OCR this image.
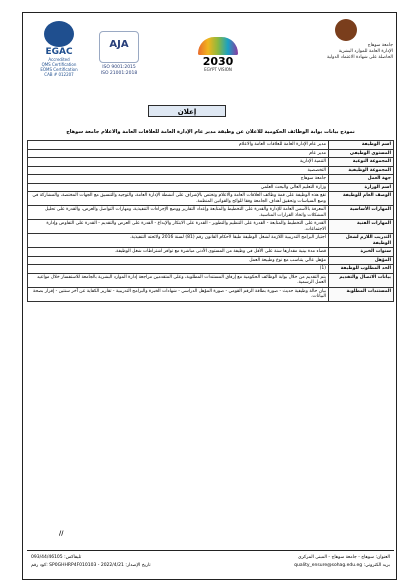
EGAC
Accredited
QMS Certification
EOMS Certification
CAB # 012207
AJA
ISO 9001:2015
ISO 21001:2018
2030
EGYPT VISION
جامعة سوهاج
الإدارة العامة للموارد البشرية
الحاصلة على شهادة الاعتماد الدولية
إعلان
نموذج بيانات بوابة الوظائف الحكومية للاعلان عن وظيفة مدير عام الإدارة العامة للعلاقات العامة والاعلام جامعة سوهاج
اسم الوظيفة	مدير عام الإدارة العامة للعلاقات العامة والاعلام
المستوى الوظيفي	مدير عام
المجموعة النوعية	التنمية الإدارية
المجموعة الوظيفية	التخصصية
جهة العمل	جامعة سوهاج
اسم الوزارة	وزارة التعليم العالي والبحث العلمي
الوصف العام للوظيفة	تقع هذه الوظيفة على قمة وظائف العلاقات العامة والاعلام وتختص بالإشراف على أنشطة الإدارة العامة، والتوجيه والتنسيق مع الجهات المختصة، والمشاركة في وضع السياسات وتحقيق أهداف الجامعة وفقا للوائح والقوانين المنظمة.
المهارات الأساسية	المعرفة بالأسس العامة للإدارة والقدرة على التخطيط والمتابعة وإعداد التقارير ووضع الإجراءات التنفيذية، ومهارات التواصل والعرض، والقدرة على تحليل المشكلات واتخاذ القرارات المناسبة.
المهارات الفنية	القدرة على التخطيط والمتابعة - القدرة على التنظيم والتطوير - القدرة على الابتكار والإبداع - القدرة على العرض والتقديم - القدرة على التفاوض وإدارة الاجتماعات.
التدريب اللازم لشغل الوظيفة	اجتياز البرامج التدريبية اللازمة لشغل الوظيفة طبقا لأحكام القانون رقم (81) لسنة 2016 ولائحته التنفيذية.
سنوات الخبرة	قضاء مدة بينية مقدارها سنة على الأقل في وظيفة من المستوى الأدنى مباشرة مع توافر اشتراطات شغل الوظيفة.
المؤهل	مؤهل عالي يتناسب مع نوع وطبيعة العمل
الحد المطلوب للوظيفة	(1)
بيانات الاتصال والتقديم	يتم التقديم من خلال بوابة الوظائف الحكومية مع إرفاق المستندات المطلوبة، وعلى المتقدمين مراجعة إدارة الموارد البشرية بالجامعة للاستفسار خلال مواعيد العمل الرسمية.
المستندات المطلوبة	بيان حالة وظيفية حديث - صورة بطاقة الرقم القومي - صورة المؤهل الدراسي - شهادات الخبرة والبرامج التدريبية - تقارير الكفاية عن آخر سنتين - إقرار بصحة البيانات.
//
العنوان: سوهاج - جامعة سوهاج - المبنى المركزي
تليفاكس: 093/44/46105
بريد الكتروني: quality_ensure@sohag.edu.eg
كود رقم: SP0GHHRP4F010103 - تاريخ الإصدار: 2022/4/21
